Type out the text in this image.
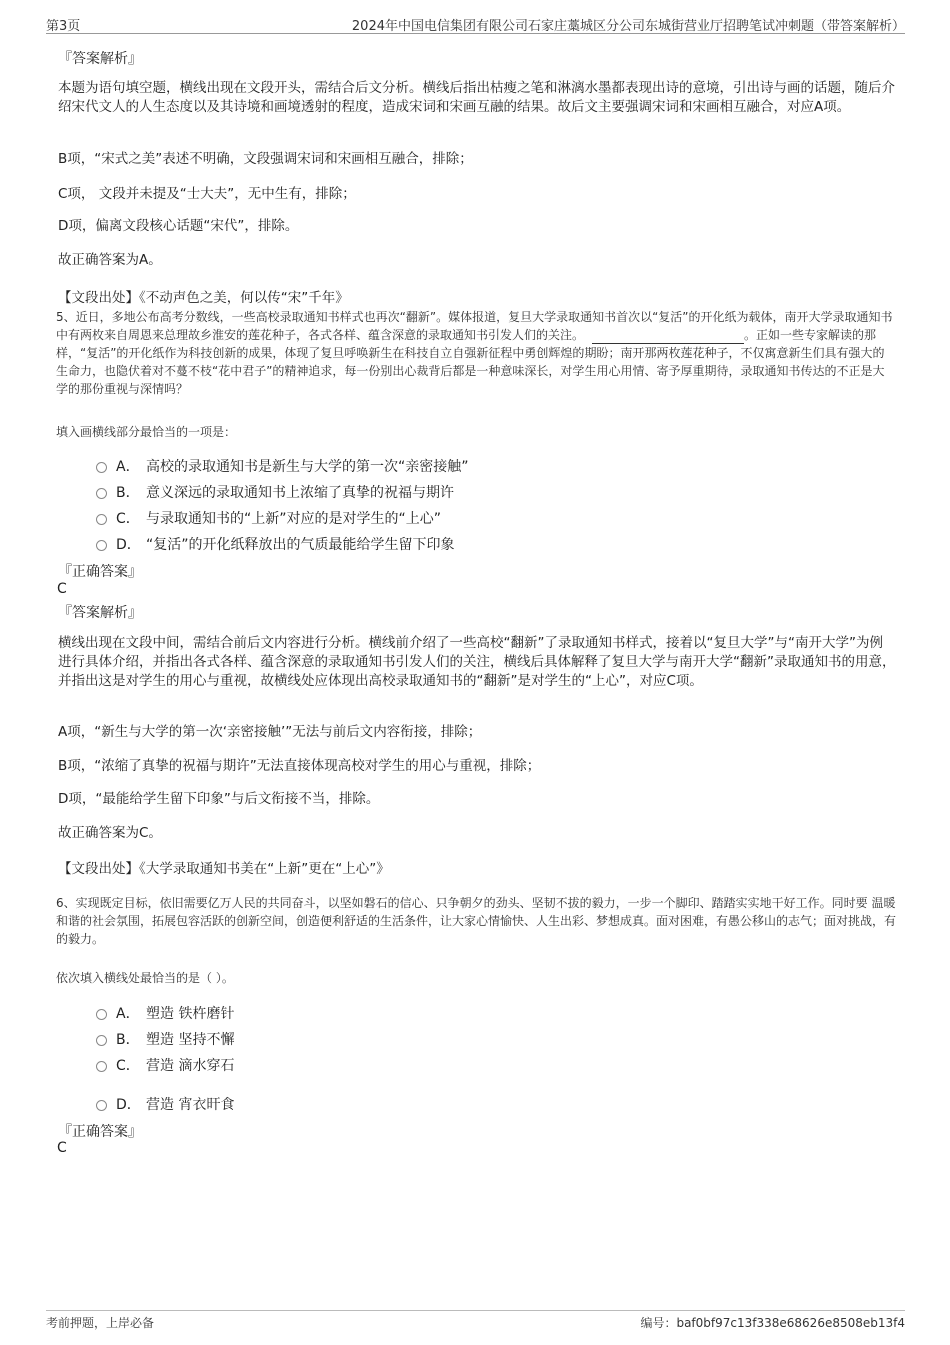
第3页	2024年中国电信集团有限公司石家庄藁城区分公司东城街营业厅招聘笔试冲刺题（带答案解析）
『答案解析』
本题为语句填空题，横线出现在文段开头，需结合后文分析。横线后指出枯瘦之笔和淋漓水墨都表现出诗的意境，引出诗与画的话题，随后介绍宋代文人的人生态度以及其诗境和画境透射的程度，造成宋词和宋画互融的结果。故后文主要强调宋词和宋画相互融合，对应A项。
B项，“宋式之美”表述不明确，文段强调宋词和宋画相互融合，排除；
C项， 文段并未提及“士大夫”，无中生有，排除；
D项，偏离文段核心话题“宋代”，排除。
故正确答案为A。
【文段出处】《不动声色之美，何以传“宋”千年》
5、近日，多地公布高考分数线，一些高校录取通知书样式也再次“翻新”。媒体报道，复旦大学录取通知书首次以“复活”的开化纸为载体，南开大学录取通知书中有两枚来自周恩来总理故乡淮安的莲花种子，各式各样、蕴含深意的录取通知书引发人们的关注。	。正如一些专家解读的那样，“复活”的开化纸作为科技创新的成果，体现了复旦呼唤新生在科技自立自强新征程中勇创辉煌的期盼；南开那两枚莲花种子，不仅寓意新生们具有强大的生命力，也隐伏着对不蔓不枝“花中君子”的精神追求，每一份别出心裁背后都是一种意味深长，对学生用心用情、寄予厚重期待，录取通知书传达的不正是大学的那份重视与深情吗？
填入画横线部分最恰当的一项是：
A． 高校的录取通知书是新生与大学的第一次“亲密接触”
B． 意义深远的录取通知书上浓缩了真挚的祝福与期许
C． 与录取通知书的“上新”对应的是对学生的“上心”
D． “复活”的开化纸释放出的气质最能给学生留下印象
『正确答案』
C
『答案解析』
横线出现在文段中间，需结合前后文内容进行分析。横线前介绍了一些高校“翻新”了录取通知书样式，接着以“复旦大学”与“南开大学”为例进行具体介绍，并指出各式各样、蕴含深意的录取通知书引发人们的关注，横线后具体解释了复旦大学与南开大学“翻新”录取通知书的用意，并指出这是对学生的用心与重视，故横线处应体现出高校录取通知书的“翻新”是对学生的“上心”，对应C项。
A项，“新生与大学的第一次‘亲密接触’”无法与前后文内容衔接，排除；
B项，“浓缩了真挚的祝福与期许”无法直接体现高校对学生的用心与重视，排除；
D项，“最能给学生留下印象”与后文衔接不当，排除。
故正确答案为C。
【文段出处】《大学录取通知书美在“上新”更在“上心”》
6、实现既定目标，依旧需要亿万人民的共同奋斗，以坚如磐石的信心、只争朝夕的劲头、坚韧不拔的毅力，一步一个脚印、踏踏实实地干好工作。同时要 温暖和谐的社会氛围，拓展包容活跃的创新空间，创造便利舒适的生活条件，让大家心情愉快、人生出彩、梦想成真。面对困难，有愚公移山的志气；面对挑战，有 的毅力。
依次填入横线处最恰当的是（ ）。
A． 塑造 铁杵磨针
B． 塑造 坚持不懈
C． 营造 滴水穿石
D． 营造 宵衣旰食
『正确答案』
C
考前押题，上岸必备	编号：baf0bf97c13f338e68626e8508eb13f4
